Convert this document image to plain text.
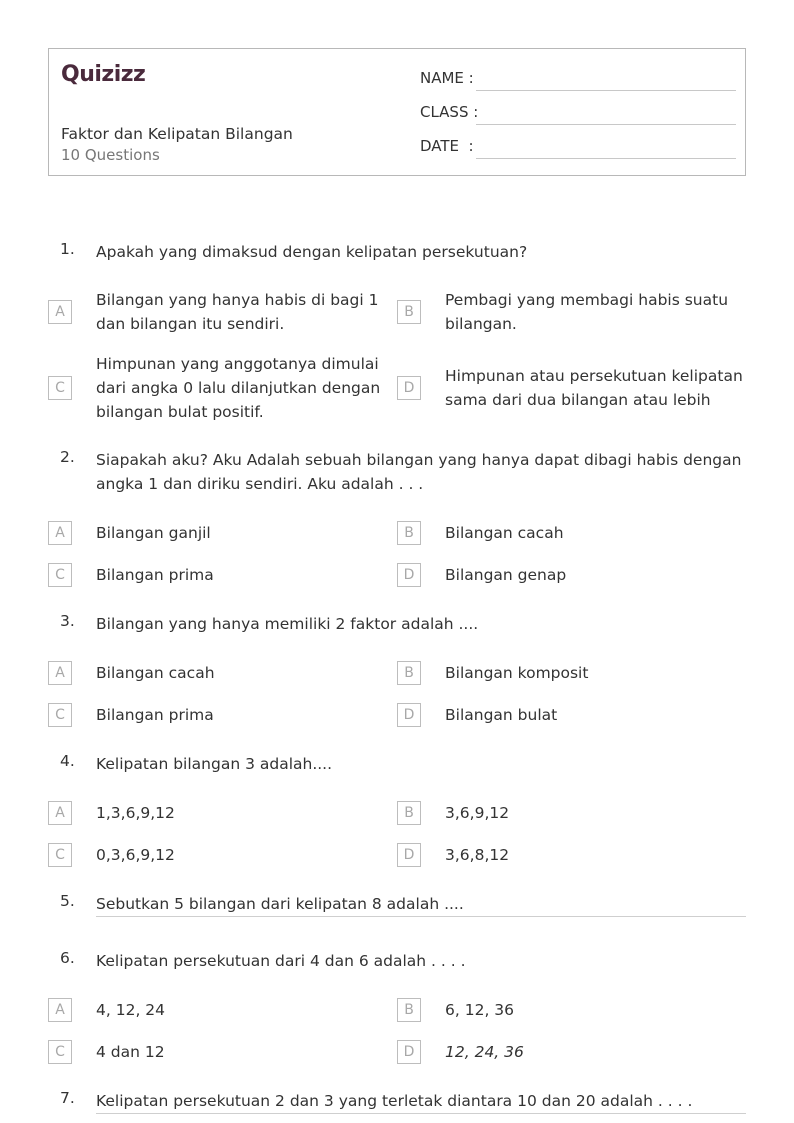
Quizizz
Faktor dan Kelipatan Bilangan
10 Questions
NAME :
CLASS :
DATE  :
1. Apakah yang dimaksud dengan kelipatan persekutuan?
A
Bilangan yang hanya habis di bagi 1 dan bilangan itu sendiri.
B
Pembagi yang membagi habis suatu bilangan.
C
Himpunan yang anggotanya dimulai dari angka 0 lalu dilanjutkan dengan bilangan bulat positif.
D
Himpunan atau persekutuan kelipatan sama dari dua bilangan atau lebih
2. Siapakah aku? Aku Adalah sebuah bilangan yang hanya dapat dibagi habis dengan angka 1 dan diriku sendiri. Aku adalah . . .
A	Bilangan ganjil	B	Bilangan cacah
C	Bilangan prima	D	Bilangan genap
3. Bilangan yang hanya memiliki 2 faktor adalah ....
A	Bilangan cacah	B	Bilangan komposit
C	Bilangan prima	D	Bilangan bulat
4. Kelipatan bilangan 3 adalah....
A	1,3,6,9,12	B	3,6,9,12
C	0,3,6,9,12	D	3,6,8,12
5. Sebutkan 5 bilangan dari kelipatan 8 adalah ....
6. Kelipatan persekutuan dari 4 dan 6 adalah . . . .
A	4, 12, 24	B	6, 12, 36
C	4 dan 12	D	12, 24, 36
7. Kelipatan persekutuan 2 dan 3 yang terletak diantara 10 dan 20 adalah . . . .
